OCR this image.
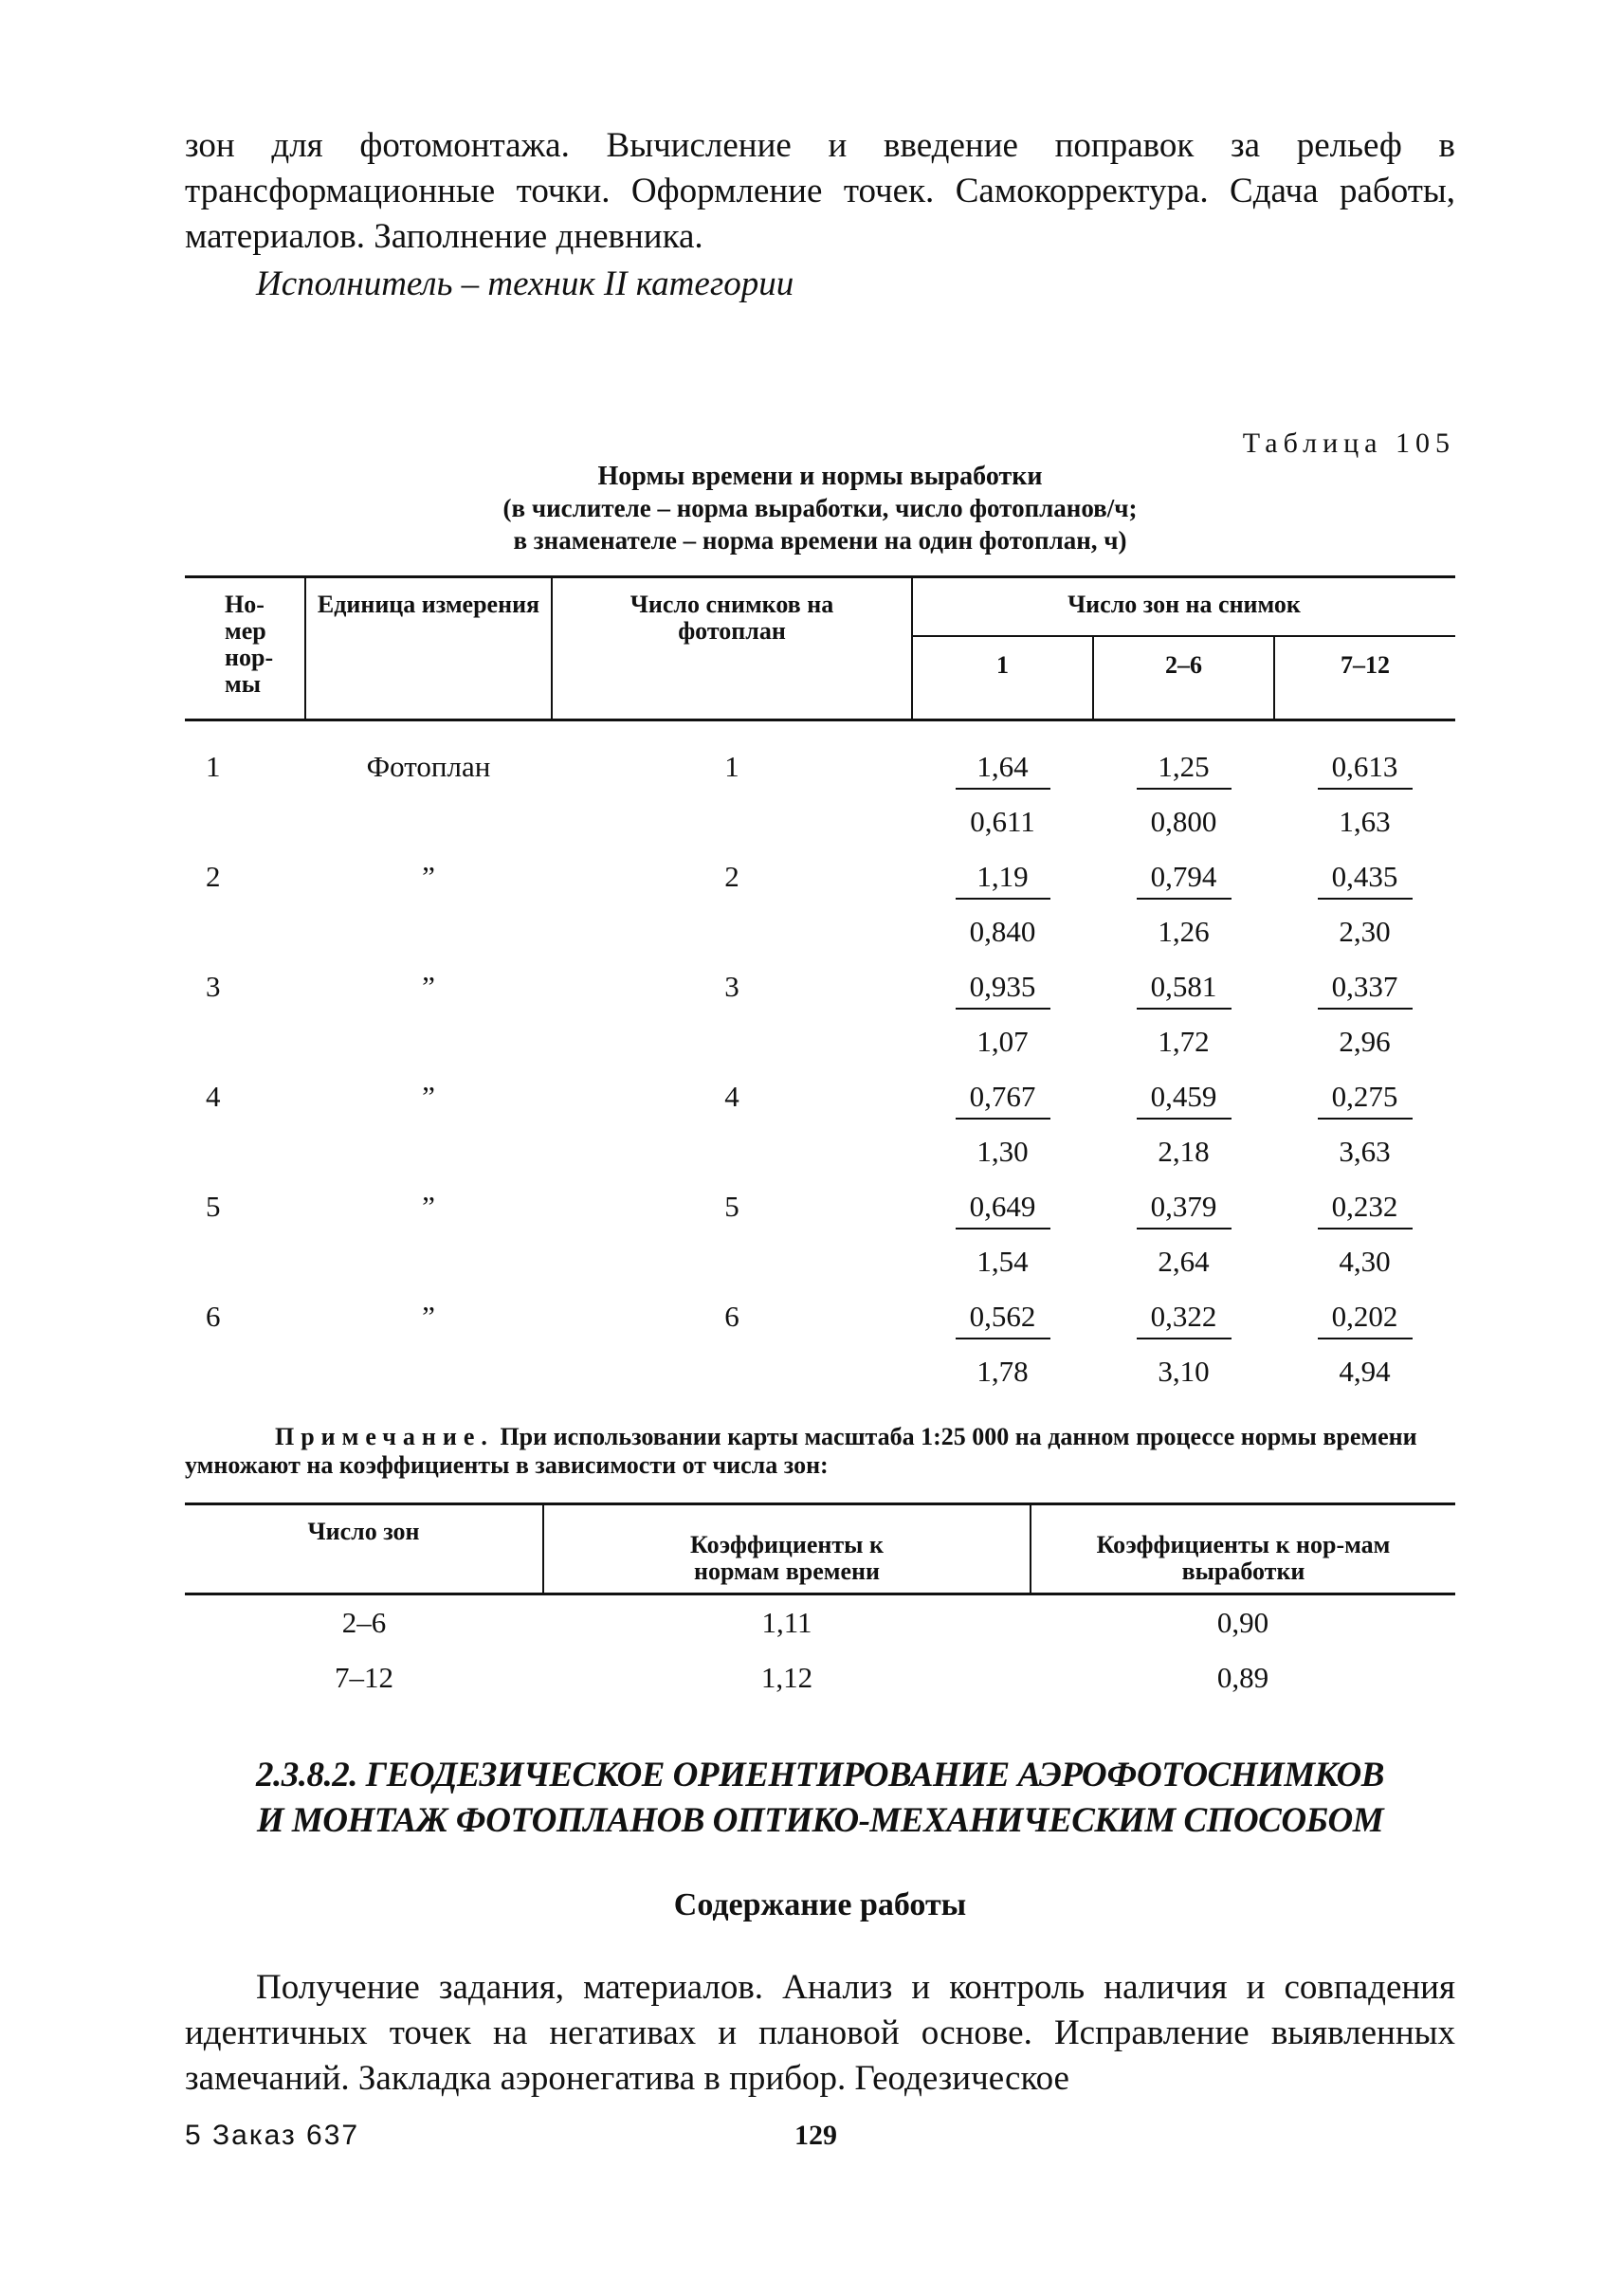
зон для фотомонтажа. Вычисление и введение поправок за рельеф в трансформационные точки. Оформление точек. Самокорректура. Сдача работы, материалов. Заполнение дневника.

Исполнитель – техник II категории
Таблица 105
Нормы времени и нормы выработки
(в числителе – норма выработки, число фотопланов/ч;
в знаменателе – норма времени на один фотоплан, ч)
Но-мер нор-мы	Единица измерения	Число снимков на фотоплан	Число зон на снимок		
			1	2–6	7–12
1	Фотоплан	1	1,64	1,25	0,613
			0,611	0,800	1,63
2	”	2	1,19	0,794	0,435
			0,840	1,26	2,30
3	”	3	0,935	0,581	0,337
			1,07	1,72	2,96
4	”	4	0,767	0,459	0,275
			1,30	2,18	3,63
5	”	5	0,649	0,379	0,232
			1,54	2,64	4,30
6	”	6	0,562	0,322	0,202
			1,78	3,10	4,94
Примечание. При использовании карты масштаба 1:25 000 на данном процессе нормы времени умножают на коэффициенты в зависимости от числа зон:
Число зон	Коэффициенты к нормам времени	Коэффициенты к нор-мам выработки

2–6	1,11	0,90
7–12	1,12	0,89
2.3.8.2. ГЕОДЕЗИЧЕСКОЕ ОРИЕНТИРОВАНИЕ АЭРОФОТОСНИМКОВ
И МОНТАЖ ФОТОПЛАНОВ ОПТИКО-МЕХАНИЧЕСКИМ СПОСОБОМ
Содержание работы

Получение задания, материалов. Анализ и контроль наличия и совпадения идентичных точек на негативах и плановой основе. Исправление выявленных замечаний. Закладка аэронегатива в прибор. Геодезическое

5 Заказ 637	129
